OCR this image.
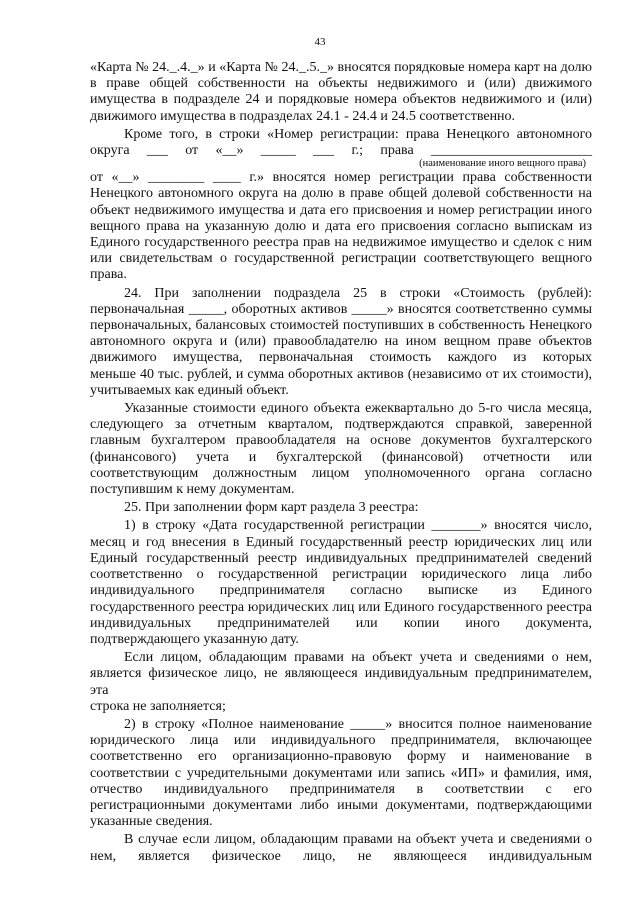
43

«Карта № 24._.4._» и «Карта № 24._.5._» вносятся порядковые номера карт на долю

в праве общей собственности на объекты недвижимого и (или) движимого

имущества в подразделе 24 и порядковые номера объектов недвижимого и (или)

движимого имущества в подразделах 24.1 - 24.4 и 24.5 соответственно.

Кроме того, в строки «Номер регистрации: права Ненецкого автономного

округа ___ от «__» _____ ___ г.; права _______________________

(наименование иного вещного права)

от «__» ________ ____ г.» вносятся номер регистрации права собственности

Ненецкого автономного округа на долю в праве общей долевой собственности на

объект недвижимого имущества и дата его присвоения и номер регистрации иного

вещного права на указанную долю и дата его присвоения согласно выпискам из

Единого государственного реестра прав на недвижимое имущество и сделок с ним

или свидетельствам о государственной регистрации соответствующего вещного

права.

24. При заполнении подраздела 25 в строки «Стоимость (рублей):

первоначальная _____, оборотных активов _____» вносятся соответственно суммы

первоначальных, балансовых стоимостей поступивших в собственность Ненецкого

автономного округа и (или) правообладателю на ином вещном праве объектов

движимого имущества, первоначальная стоимость каждого из которых

меньше 40 тыс. рублей, и сумма оборотных активов (независимо от их стоимости),

учитываемых как единый объект.

Указанные стоимости единого объекта ежеквартально до 5-го числа месяца,

следующего за отчетным кварталом, подтверждаются справкой, заверенной

главным бухгалтером правообладателя на основе документов бухгалтерского

(финансового) учета и бухгалтерской (финансовой) отчетности или

соответствующим должностным лицом уполномоченного органа согласно

поступившим к нему документам.

25. При заполнении форм карт раздела 3 реестра:

1) в строку «Дата государственной регистрации _______» вносятся число,

месяц и год внесения в Единый государственный реестр юридических лиц или

Единый государственный реестр индивидуальных предпринимателей сведений

соответственно о государственной регистрации юридического лица либо

индивидуального предпринимателя согласно выписке из Единого

государственного реестра юридических лиц или Единого государственного реестра

индивидуальных предпринимателей или копии иного документа,

подтверждающего указанную дату.

Если лицом, обладающим правами на объект учета и сведениями о нем,

является физическое лицо, не являющееся индивидуальным предпринимателем, эта

строка не заполняется;

2) в строку «Полное наименование _____» вносится полное наименование

юридического лица или индивидуального предпринимателя, включающее

соответственно его организационно-правовую форму и наименование в

соответствии с учредительными документами или запись «ИП» и фамилия, имя,

отчество индивидуального предпринимателя в соответствии с его

регистрационными документами либо иными документами, подтверждающими

указанные сведения.

В случае если лицом, обладающим правами на объект учета и сведениями о

нем, является физическое лицо, не являющееся индивидуальным
